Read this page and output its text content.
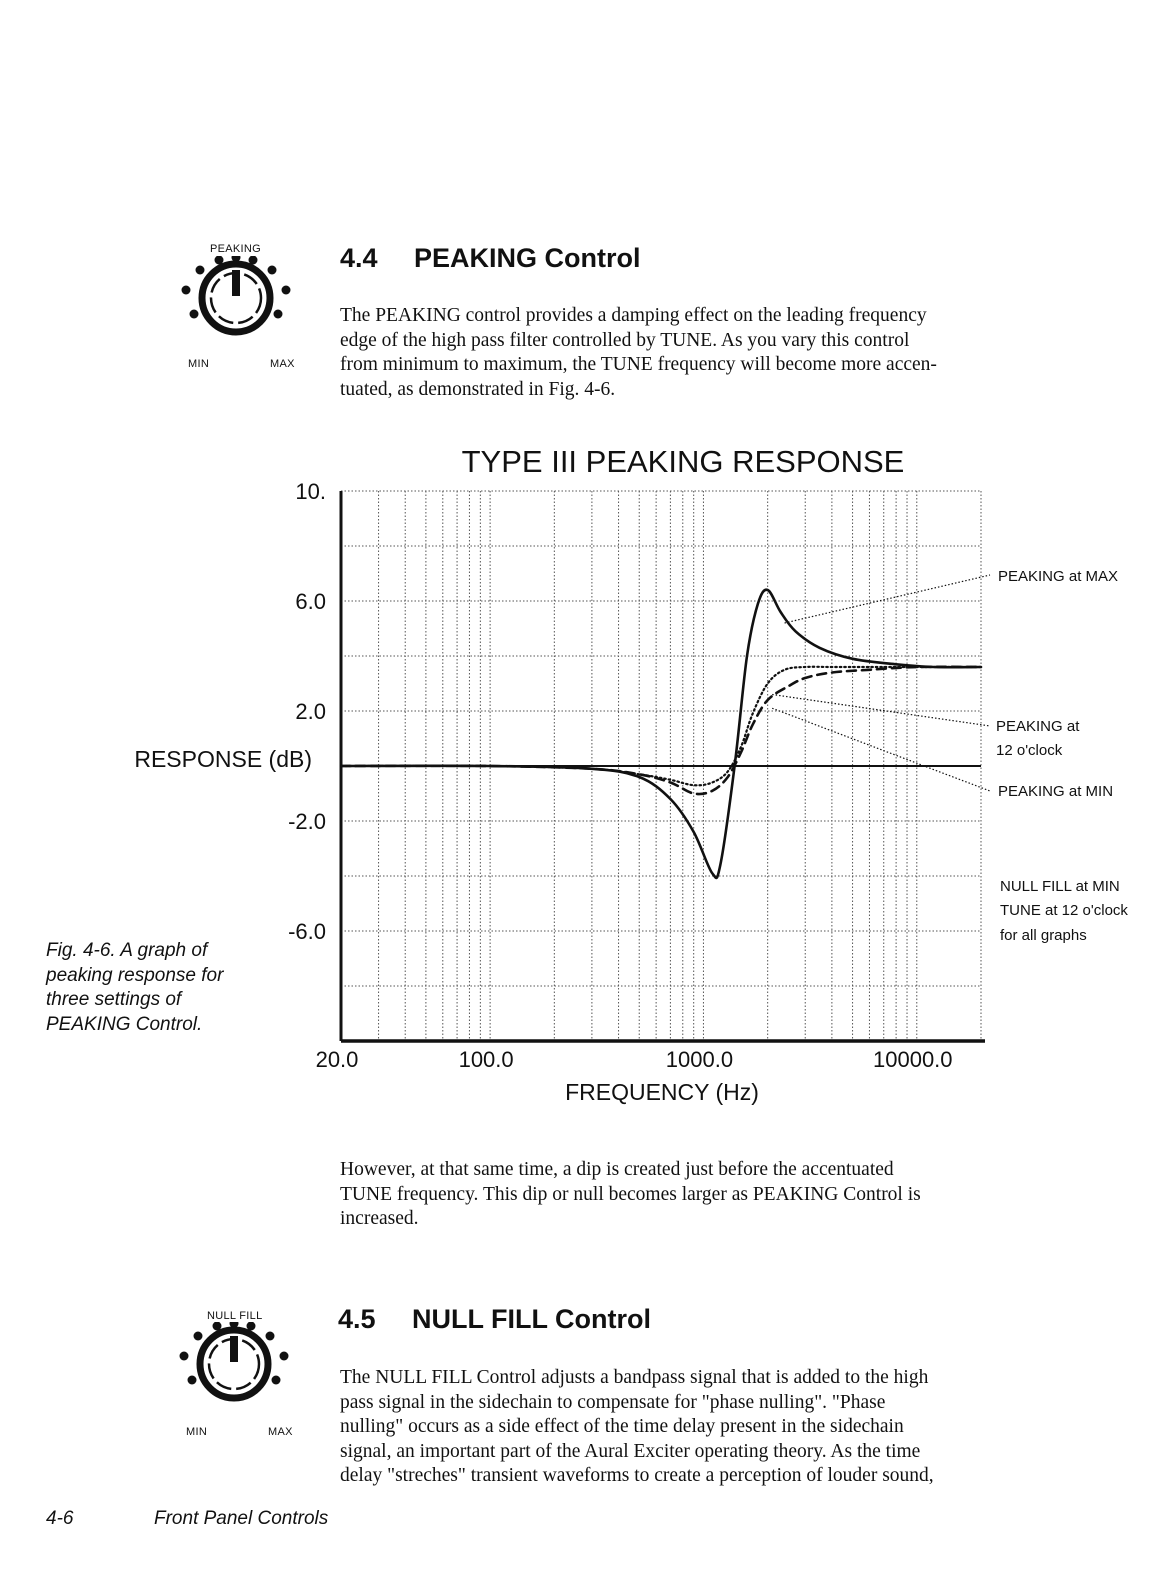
PEAKING
MIN	MAX
4.4 PEAKING Control

The PEAKING control provides a damping effect on the leading frequency

edge of the high pass filter controlled by TUNE. As you vary this control

from minimum to maximum, the TUNE frequency will become more accen-

tuated, as demonstrated in Fig. 4-6.

TYPE III PEAKING RESPONSE
10.
6.0
2.0
-2.0
-6.0
20.0	100.0	1000.0	10000.0
RESPONSE (dB)
FREQUENCY (Hz)
PEAKING at MAX
PEAKING at
12 o'clock
PEAKING at MIN
NULL FILL at MIN
TUNE at 12 o'clock
for all graphs
Fig. 4-6. A graph of
peaking response for
three settings of
PEAKING Control.

However, at that same time, a dip is created just before the accentuated

TUNE frequency. This dip or null becomes larger as PEAKING Control is

increased.

NULL FILL
MIN	MAX
4.5 NULL FILL Control

The NULL FILL Control adjusts a bandpass signal that is added to the high

pass signal in the sidechain to compensate for "phase nulling". "Phase

nulling" occurs as a side effect of the time delay present in the sidechain

signal, an important part of the Aural Exciter operating theory. As the time

delay "streches" transient waveforms to create a perception of louder sound,

4-6	Front Panel Controls
